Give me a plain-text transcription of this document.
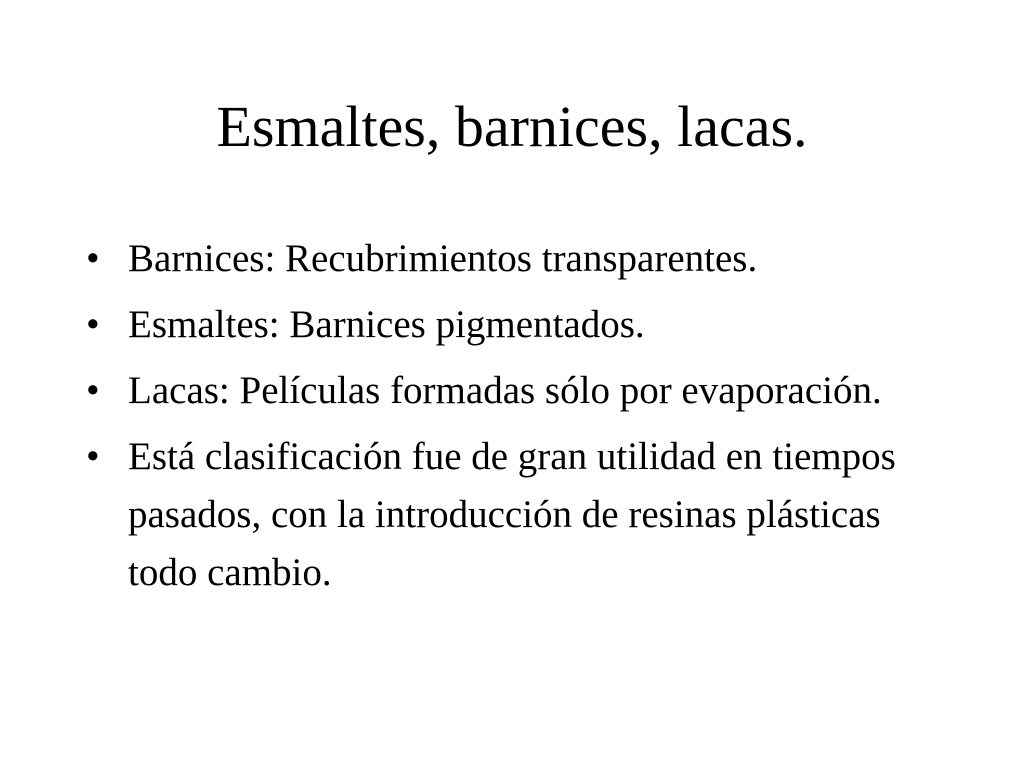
Esmaltes, barnices, lacas.
• Barnices: Recubrimientos transparentes.
• Esmaltes: Barnices pigmentados.
• Lacas: Películas formadas sólo por evaporación.
• Está clasificación fue de gran utilidad en tiempos pasados, con la introducción de resinas plásticas todo cambio.
